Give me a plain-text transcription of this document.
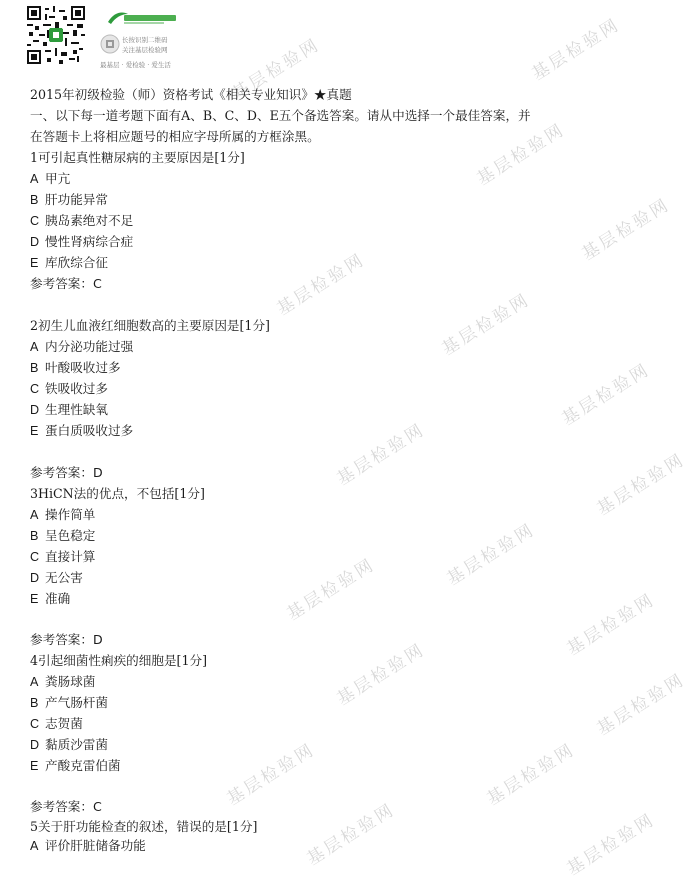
长按识别二维码
关注基层检验网
最基层 · 爱检验 · 爱生活	基层检验网
基层检验网
基层检验网
基层检验网
基层检验网
基层检验网
基层检验网
基层检验网	基层检验网
基层检验网
基层检验网
基层检验网
基层检验网	基层检验网
基层检验网	基层检验网
基层检验网	基层检验网
2015年初级检验（师）资格考试《相关专业知识》★真题
一、以下每一道考题下面有A、B、C、D、E五个备选答案。请从中选择一个最佳答案，并
在答题卡上将相应题号的相应字母所属的方框涂黑。
1可引起真性糖尿病的主要原因是[1分]
A 甲亢
B 肝功能异常
C 胰岛素绝对不足
D 慢性肾病综合症
E 库欣综合征
参考答案：C
2初生儿血液红细胞数高的主要原因是[1分]
A 内分泌功能过强
B 叶酸吸收过多
C 铁吸收过多
D 生理性缺氧
E 蛋白质吸收过多
参考答案：D
3HiCN法的优点，不包括[1分]
A 操作简单
B 呈色稳定
C 直接计算
D 无公害
E 准确
参考答案：D
4引起细菌性痢疾的细胞是[1分]
A 粪肠球菌
B 产气肠杆菌
C 志贺菌
D 黏质沙雷菌
E 产酸克雷伯菌
参考答案：C
5关于肝功能检查的叙述，错误的是[1分]
A 评价肝脏储备功能
